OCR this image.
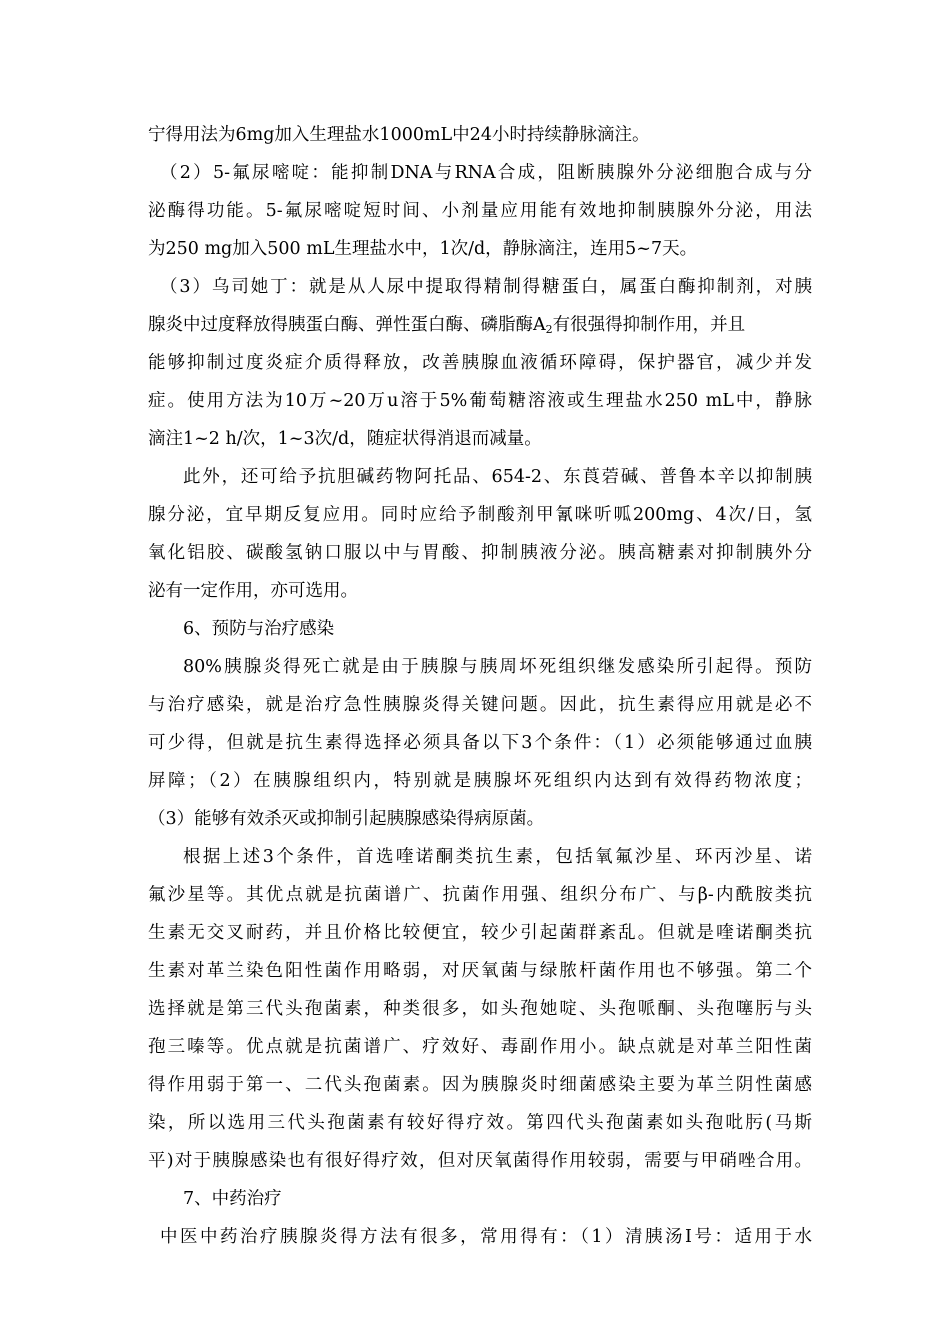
宁得用法为6mg加入生理盐水1000mL中24小时持续静脉滴注。
（2）5-氟尿嘧啶：能抑制DNA与RNA合成，阻断胰腺外分泌细胞合成与分
泌酶得功能。5-氟尿嘧啶短时间、小剂量应用能有效地抑制胰腺外分泌，用法
为250 mg加入500 mL生理盐水中，1次/d，静脉滴注，连用5~7天。
（3）乌司她丁：就是从人尿中提取得精制得糖蛋白，属蛋白酶抑制剂，对胰
腺炎中过度释放得胰蛋白酶、弹性蛋白酶、磷脂酶$A_2$有很强得抑制作用，并且
能够抑制过度炎症介质得释放，改善胰腺血液循环障碍，保护器官，减少并发
症。使用方法为10万~20万u溶于5%葡萄糖溶液或生理盐水250 mL中，静脉
滴注1~2 h/次，1~3次/d，随症状得消退而减量。
此外，还可给予抗胆碱药物阿托品、654-2、东莨菪碱、普鲁本辛以抑制胰
腺分泌，宜早期反复应用。同时应给予制酸剂甲氰咪听呱200mg、4次/日，氢
氧化铝胶、碳酸氢钠口服以中与胃酸、抑制胰液分泌。胰高糖素对抑制胰外分
泌有一定作用，亦可选用。
6、预防与治疗感染
80%胰腺炎得死亡就是由于胰腺与胰周坏死组织继发感染所引起得。预防
与治疗感染，就是治疗急性胰腺炎得关键问题。因此，抗生素得应用就是必不
可少得，但就是抗生素得选择必须具备以下3个条件：（1）必须能够通过血胰
屏障；（2）在胰腺组织内，特别就是胰腺坏死组织内达到有效得药物浓度；
（3）能够有效杀灭或抑制引起胰腺感染得病原菌。
根据上述3个条件，首选喹诺酮类抗生素，包括氧氟沙星、环丙沙星、诺
氟沙星等。其优点就是抗菌谱广、抗菌作用强、组织分布广、与β-内酰胺类抗
生素无交叉耐药，并且价格比较便宜，较少引起菌群紊乱。但就是喹诺酮类抗
生素对革兰染色阳性菌作用略弱，对厌氧菌与绿脓杆菌作用也不够强。第二个
选择就是第三代头孢菌素，种类很多，如头孢她啶、头孢哌酮、头孢噻肟与头
孢三嗪等。优点就是抗菌谱广、疗效好、毒副作用小。缺点就是对革兰阳性菌
得作用弱于第一、二代头孢菌素。因为胰腺炎时细菌感染主要为革兰阴性菌感
染，所以选用三代头孢菌素有较好得疗效。第四代头孢菌素如头孢吡肟(马斯
平)对于胰腺感染也有很好得疗效，但对厌氧菌得作用较弱，需要与甲硝唑合用。
7、中药治疗
中医中药治疗胰腺炎得方法有很多，常用得有：（1）清胰汤Ⅰ号：适用于水
